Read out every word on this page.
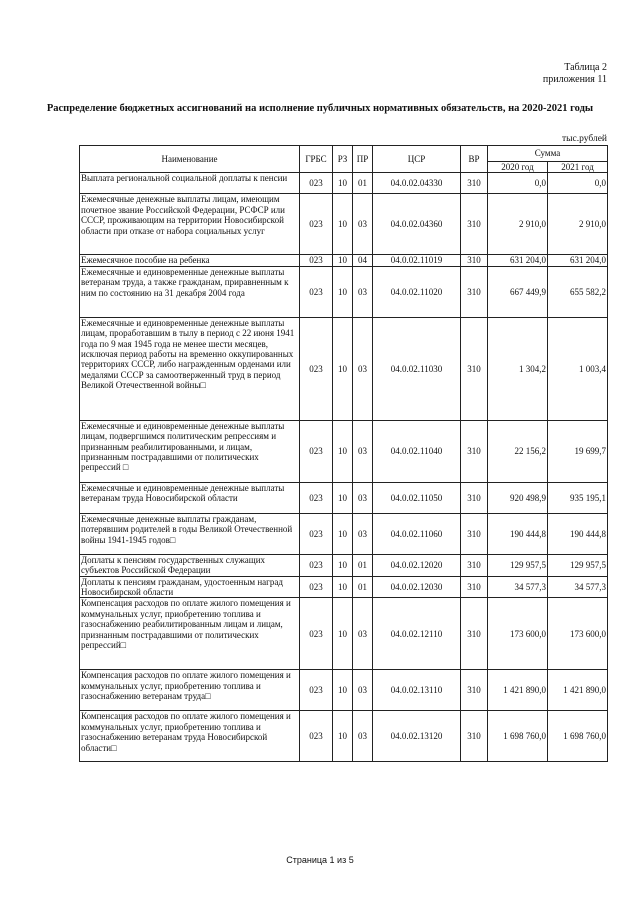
Таблица 2
приложения 11
Распределение бюджетных ассигнований на исполнение публичных нормативных обязательств, на 2020-2021 годы
тыс.рублей
Наименование	ГРБС	РЗ	ПР	ЦСР	ВР	Сумма	
						2020 год	2021 год
Выплата региональной социальной доплаты к пенсии	023	10	01	04.0.02.04330	310	0,0	0,0
Ежемесячные денежные выплаты лицам, имеющим почетное звание Российской Федерации, РСФСР или СССР, проживающим на территории Новосибирской области при отказе от набора социальных услуг	023	10	03	04.0.02.04360	310	2 910,0	2 910,0
Ежемесячное пособие на ребенка	023	10	04	04.0.02.11019	310	631 204,0	631 204,0
Ежемесячные и единовременные денежные выплаты ветеранам труда, а также гражданам, приравненным к ним по состоянию на 31 декабря 2004 года	023	10	03	04.0.02.11020	310	667 449,9	655 582,2
Ежемесячные и единовременные денежные выплаты лицам, проработавшим в тылу в период с 22 июня 1941 года по 9 мая 1945 года не менее шести месяцев, исключая период работы на временно оккупированных территориях СССР, либо награжденным орденами или медалями СССР за самоотверженный труд в период Великой Отечественной войны□	023	10	03	04.0.02.11030	310	1 304,2	1 003,4
Ежемесячные и единовременные денежные выплаты лицам, подвергшимся политическим репрессиям и признанным реабилитированными, и лицам, признанным пострадавшими от политических репрессий □	023	10	03	04.0.02.11040	310	22 156,2	19 699,7
Ежемесячные и единовременные денежные выплаты ветеранам труда Новосибирской области	023	10	03	04.0.02.11050	310	920 498,9	935 195,1
Ежемесячные денежные выплаты гражданам, потерявшим родителей в годы Великой Отечественной войны 1941-1945 годов□	023	10	03	04.0.02.11060	310	190 444,8	190 444,8
Доплаты к пенсиям государственных служащих субъектов Российской Федерации	023	10	01	04.0.02.12020	310	129 957,5	129 957,5
Доплаты к пенсиям гражданам, удостоенным наград Новосибирской области	023	10	01	04.0.02.12030	310	34 577,3	34 577,3
Компенсация расходов по оплате жилого помещения и коммунальных услуг, приобретению топлива и газоснабжению реабилитированным лицам и лицам, признанным пострадавшими от политических репрессий□	023	10	03	04.0.02.12110	310	173 600,0	173 600,0
Компенсация расходов по оплате жилого помещения и коммунальных услуг, приобретению топлива и газоснабжению ветеранам труда□	023	10	03	04.0.02.13110	310	1 421 890,0	1 421 890,0
Компенсация расходов по оплате жилого помещения и коммунальных услуг, приобретению топлива и газоснабжению ветеранам труда Новосибирской области□	023	10	03	04.0.02.13120	310	1 698 760,0	1 698 760,0
Страница 1 из 5
